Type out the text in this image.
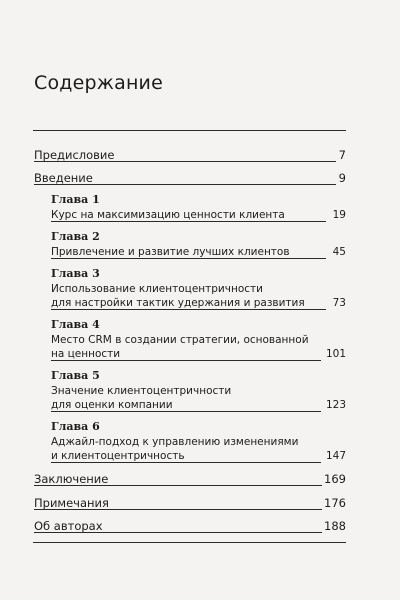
Содержание
Предисловие	7
Введение	9
Глава 1
Курс на максимизацию ценности клиента	19
Глава 2
Привлечение и развитие лучших клиентов	45
Глава 3
Использование клиентоцентричности
для настройки тактик удержания и развития	73
Глава 4
Место CRM в создании стратегии, основанной
на ценности	101
Глава 5
Значение клиентоцентричности
для оценки компании	123
Глава 6
Аджайл-подход к управлению изменениями
и клиентоцентричность	147
Заключение	169
Примечания	176
Об авторах	188
